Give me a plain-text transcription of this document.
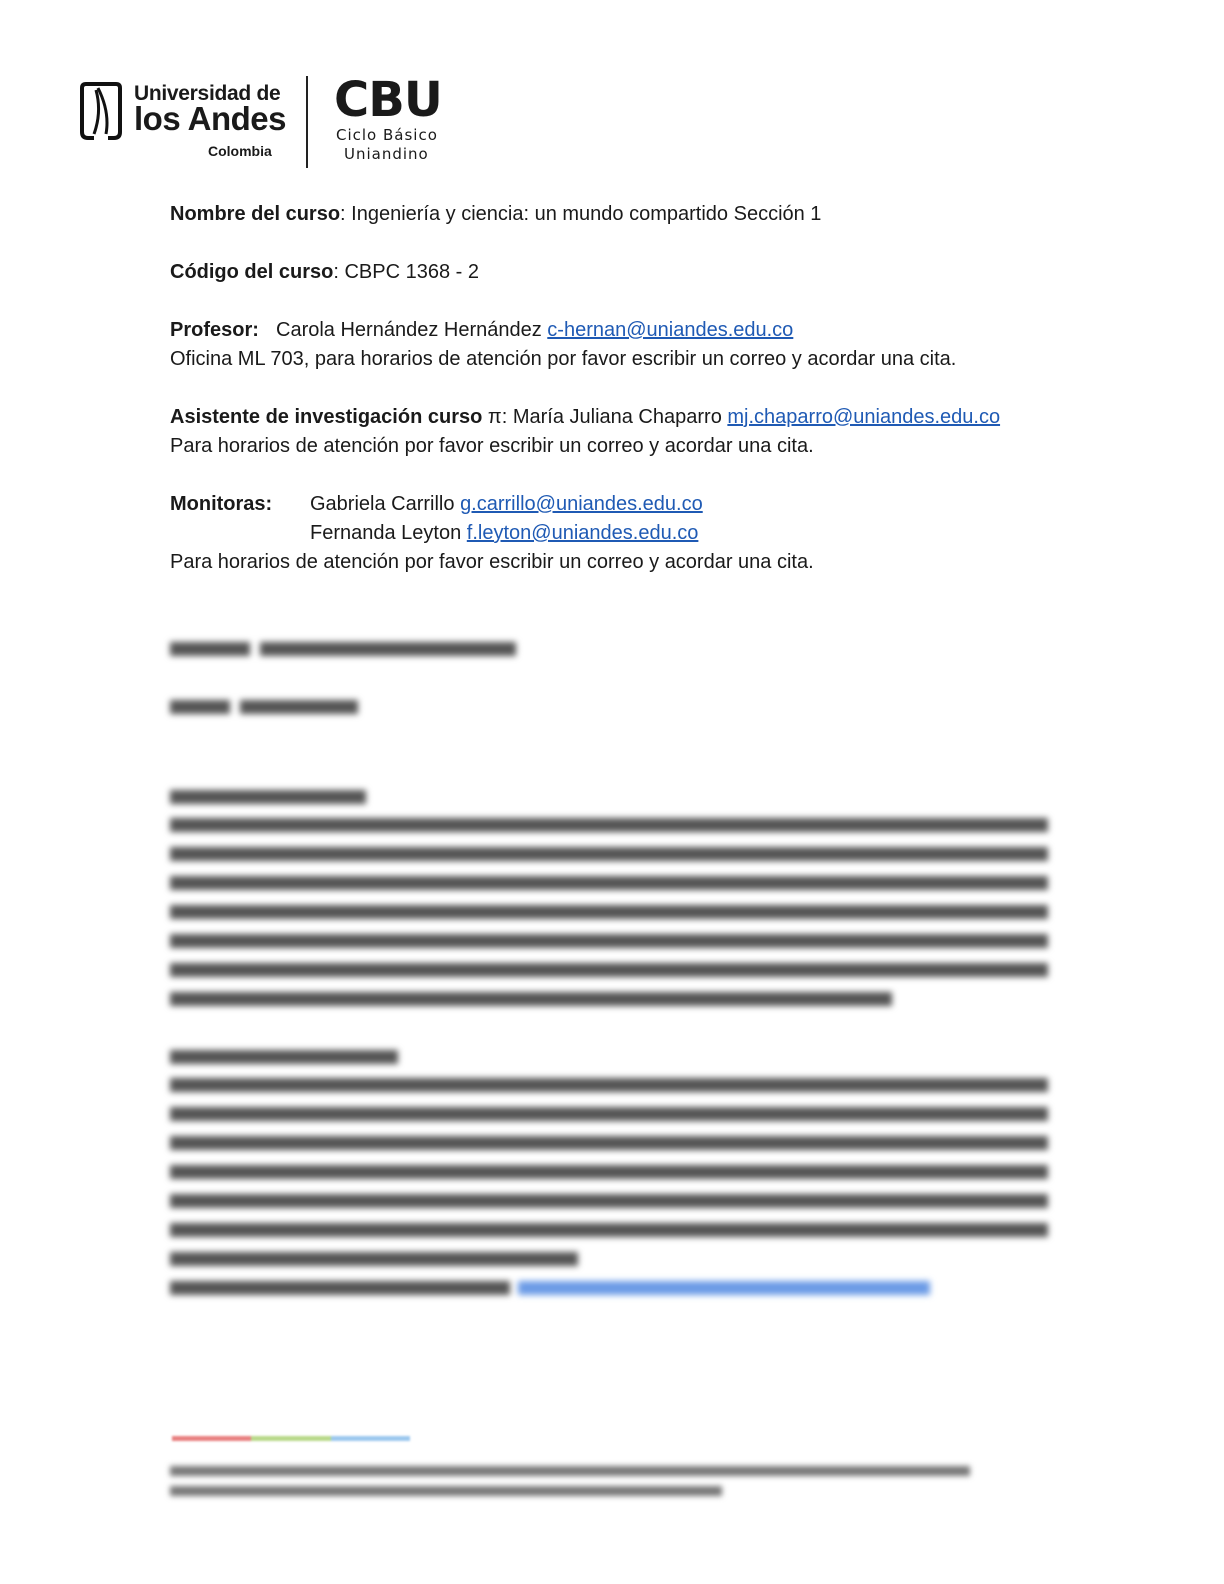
Universidad de
los Andes
Colombia
CBU
Ciclo Básico
Uniandino
Nombre del curso: Ingeniería y ciencia: un mundo compartido Sección 1
Código del curso: CBPC 1368 - 2
Profesor: Carola Hernández Hernández c-hernan@uniandes.edu.co
Oficina ML 703, para horarios de atención por favor escribir un correo y acordar una cita.
Asistente de investigación curso π: María Juliana Chaparro mj.chaparro@uniandes.edu.co
Para horarios de atención por favor escribir un correo y acordar una cita.
Monitoras: Gabriela Carrillo g.carrillo@uniandes.edu.co
Fernanda Leyton f.leyton@uniandes.edu.co
Para horarios de atención por favor escribir un correo y acordar una cita.
